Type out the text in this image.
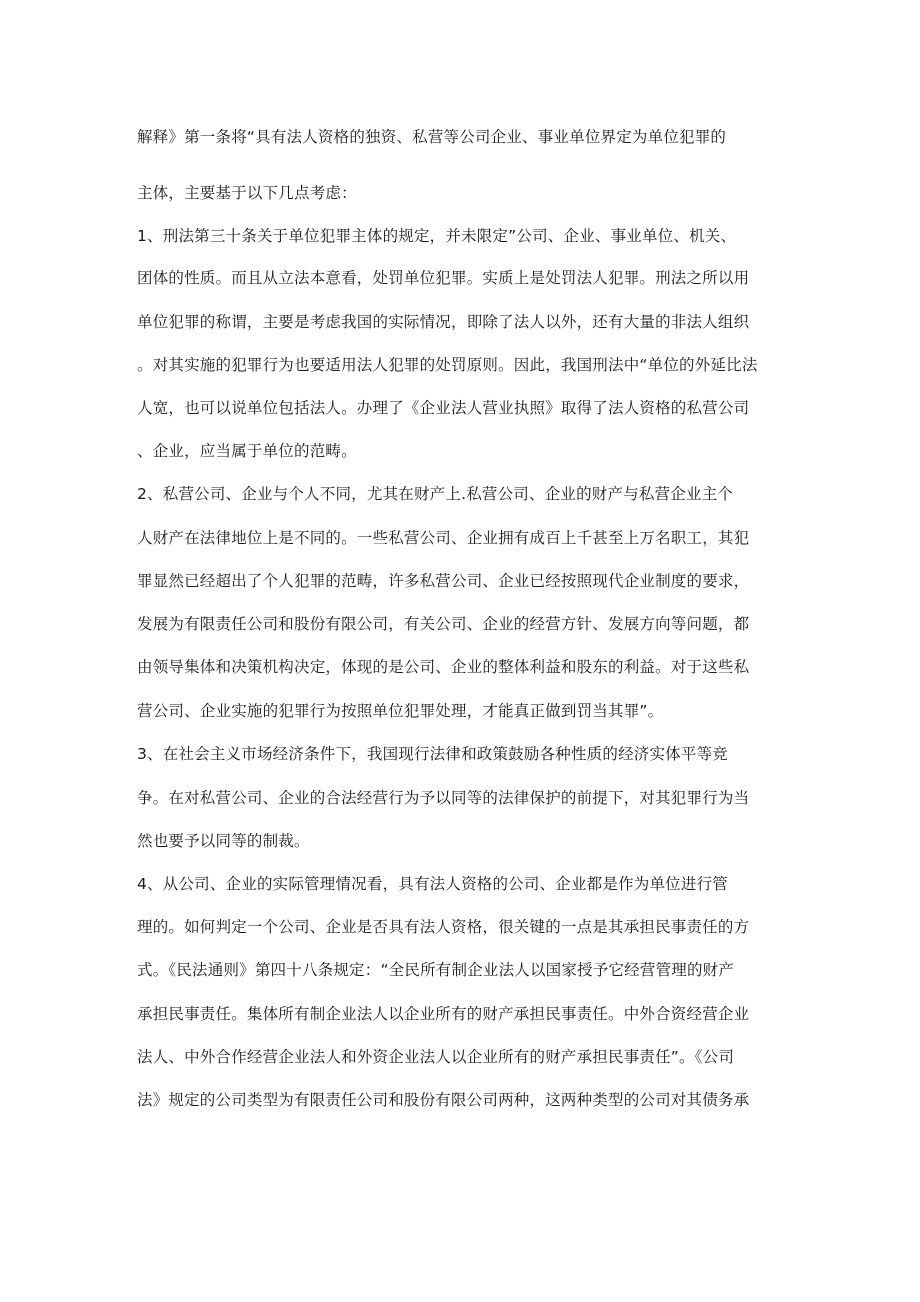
解释》第一条将“具有法人资格的独资、私营等公司企业、事业单位界定为单位犯罪的
主体，主要基于以下几点考虑：
1、刑法第三十条关于单位犯罪主体的规定，并未限定”公司、企业、事业单位、机关、
团体的性质。而且从立法本意看，处罚单位犯罪。实质上是处罚法人犯罪。刑法之所以用
单位犯罪的称谓，主要是考虑我国的实际情况，即除了法人以外，还有大量的非法人组织
。对其实施的犯罪行为也要适用法人犯罪的处罚原则。因此，我国刑法中“单位的外延比法
人宽，也可以说单位包括法人。办理了《企业法人营业执照》取得了法人资格的私营公司
、企业，应当属于单位的范畴。
2、私营公司、企业与个人不同，尤其在财产上.私营公司、企业的财产与私营企业主个
人财产在法律地位上是不同的。一些私营公司、企业拥有成百上千甚至上万名职工，其犯
罪显然已经超出了个人犯罪的范畴，许多私营公司、企业已经按照现代企业制度的要求，
发展为有限责任公司和股份有限公司，有关公司、企业的经营方针、发展方向等问题，都
由领导集体和决策机构决定，体现的是公司、企业的整体利益和股东的利益。对于这些私
营公司、企业实施的犯罪行为按照单位犯罪处理，才能真正做到罚当其罪”。
3、在社会主义市场经济条件下，我国现行法律和政策鼓励各种性质的经济实体平等竞
争。在对私营公司、企业的合法经营行为予以同等的法律保护的前提下，对其犯罪行为当
然也要予以同等的制裁。
4、从公司、企业的实际管理情况看，具有法人资格的公司、企业都是作为单位进行管
理的。如何判定一个公司、企业是否具有法人资格，很关键的一点是其承担民事责任的方
式。《民法通则》第四十八条规定：“全民所有制企业法人以国家授予它经营管理的财产
承担民事责任。集体所有制企业法人以企业所有的财产承担民事责任。中外合资经营企业
法人、中外合作经营企业法人和外资企业法人以企业所有的财产承担民事责任”。《公司
法》规定的公司类型为有限责任公司和股份有限公司两种，这两种类型的公司对其债务承
